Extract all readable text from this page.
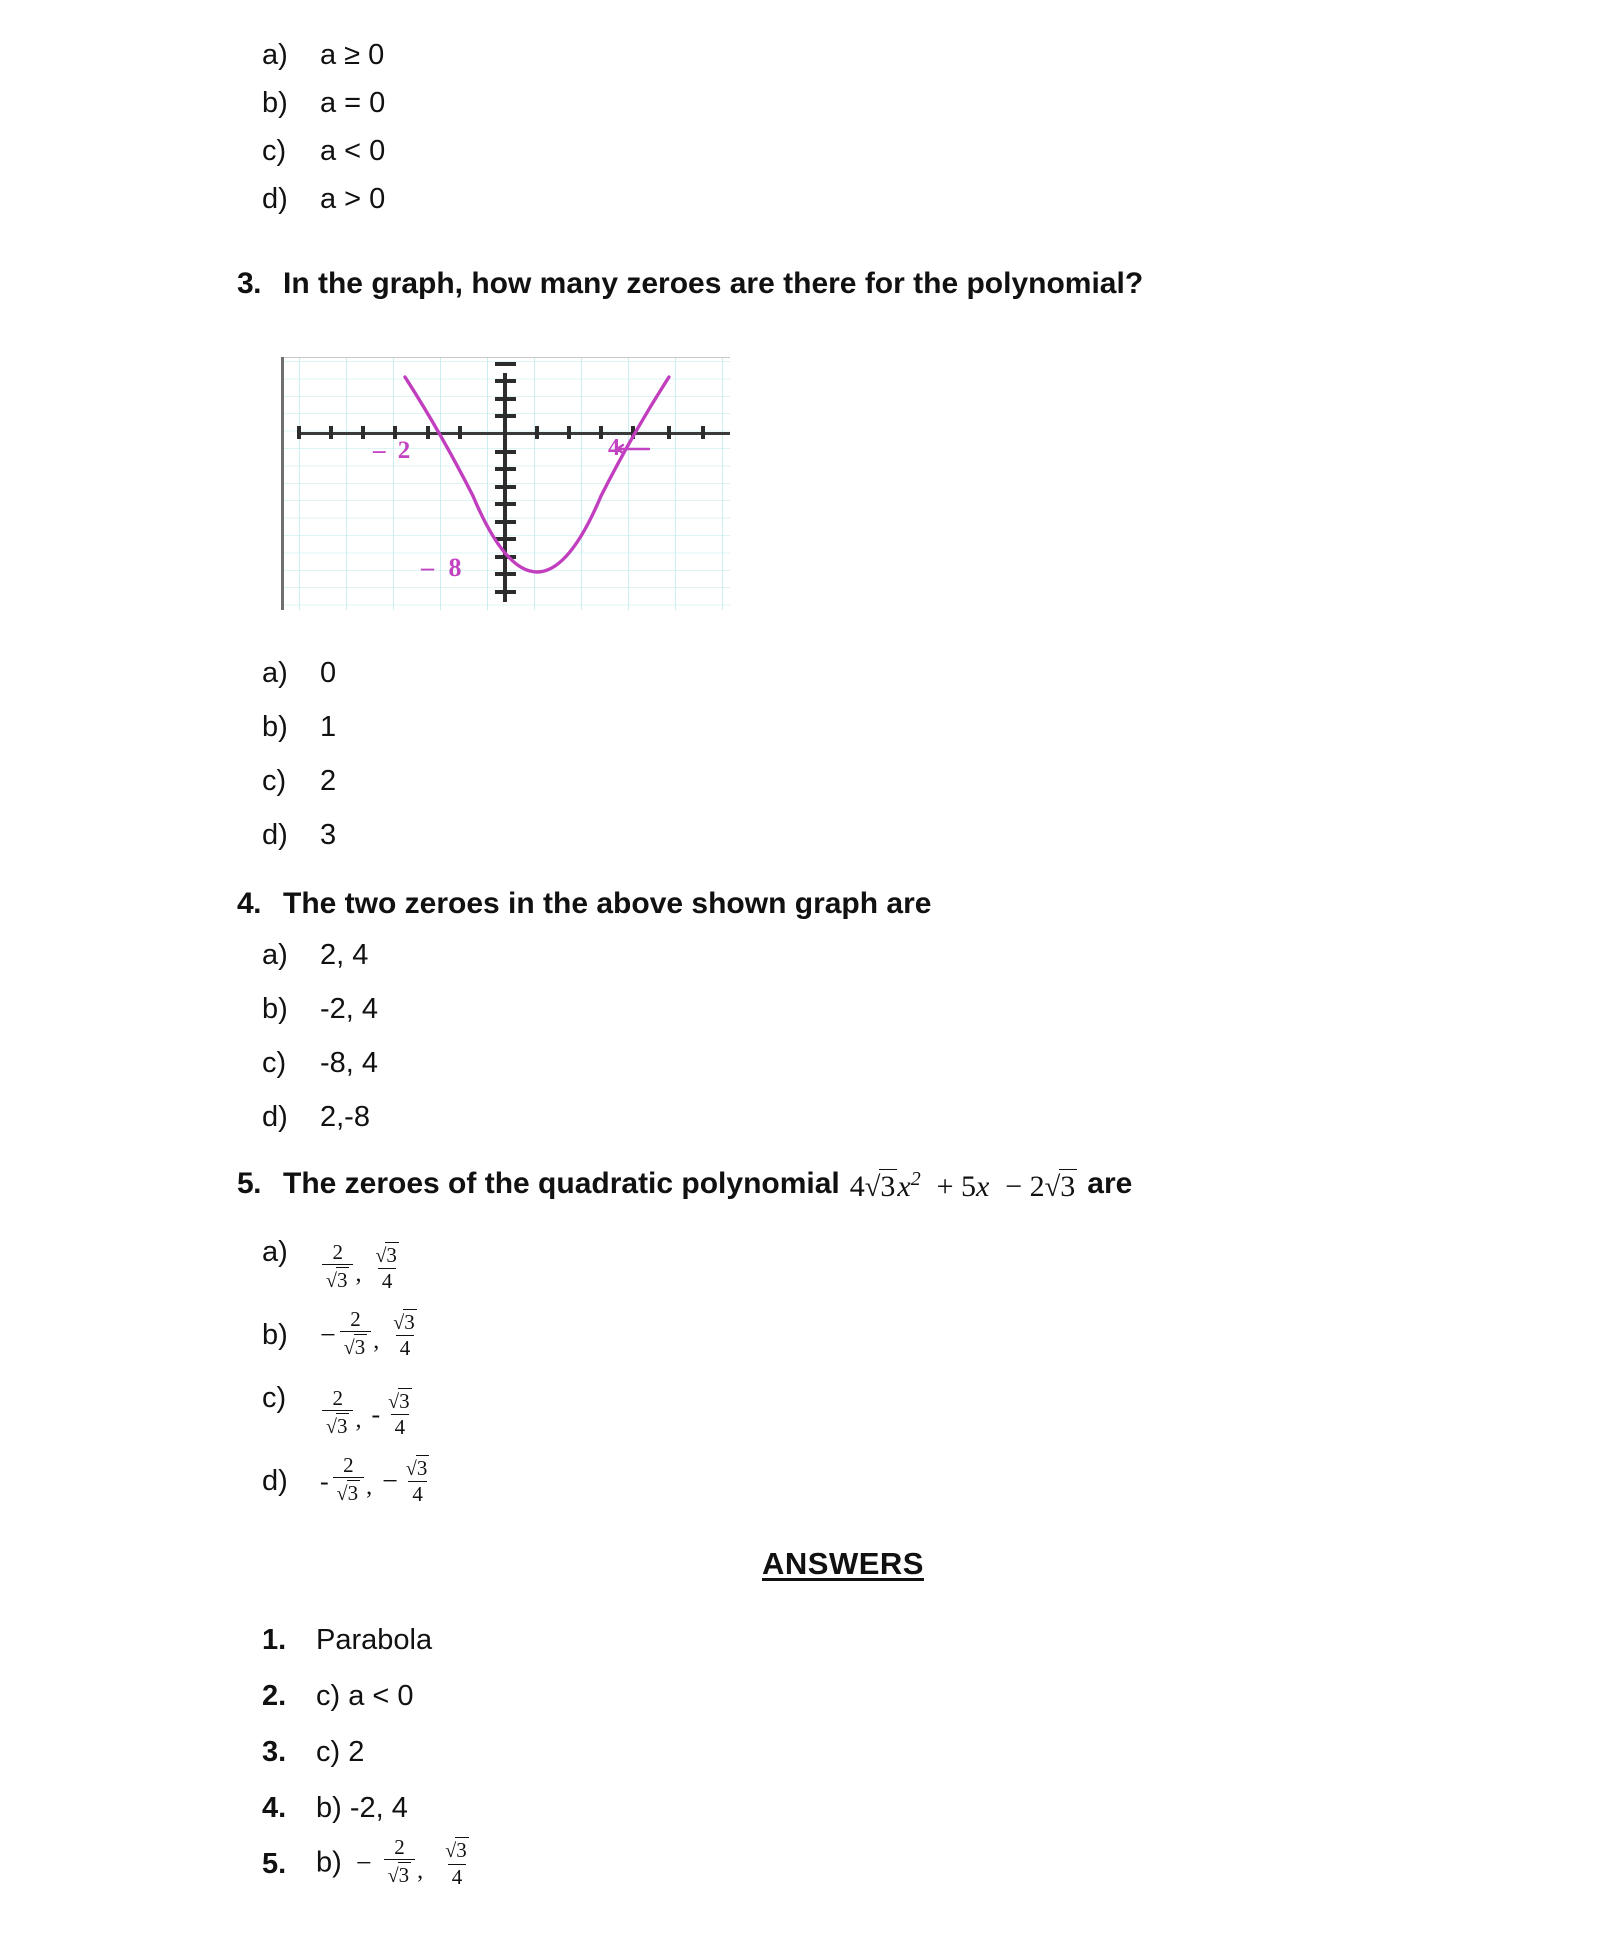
a)	a ≥ 0
b)	a = 0
c)	a < 0
d)	a > 0
3. In the graph, how many zeroes are there for the polynomial?
– 2	4
– 8
a)	0
b)	1
c)	2
d)	3
4. The two zeroes in the above shown graph are
a)	2, 4
b)	-2, 4
c)	-8, 4
d)	2,-8
5. The zeroes of the quadratic polynomial $4√3x^2 + 5x - 2√3$ are
a)	$\frac{2}{√3}$ , $\frac{√3}{4}$
b)	− $\frac{2}{√3}$ , $\frac{√3}{4}$
c)	$\frac{2}{√3}$ , - $\frac{√3}{4}$
d)	- $\frac{2}{√3}$ , − $\frac{√3}{4}$
ANSWERS
1.	Parabola
2.	c) a < 0
3.	c) 2
4.	b) -2, 4
5.	$b) - \frac{2}{√3} _, \frac{√3}{4}$
